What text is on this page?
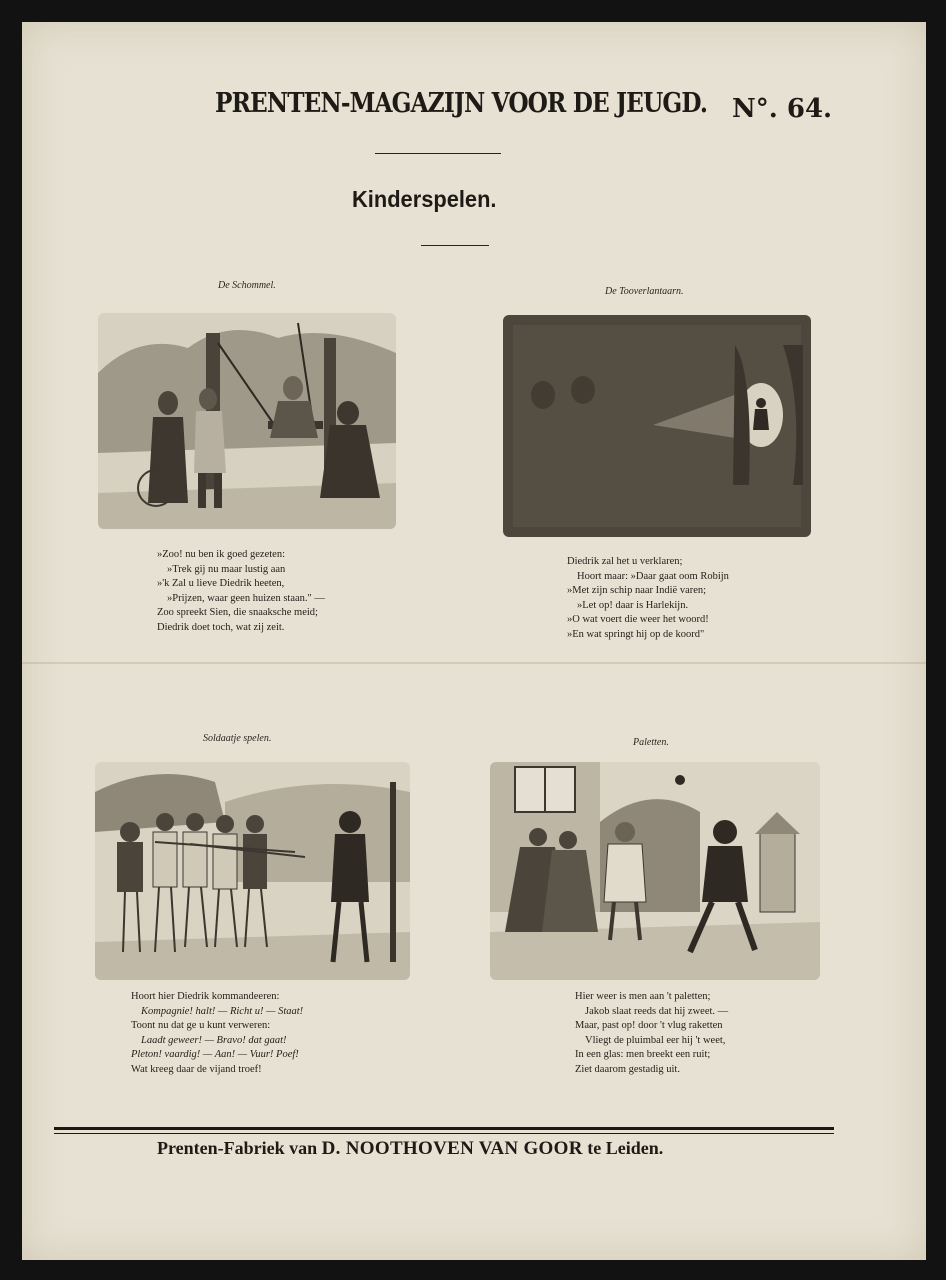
PRENTEN-MAGAZIJN VOOR DE JEUGD. N°. 64.
Kinderspelen.
De Schommel.
»Zoo! nu ben ik goed gezeten:
»Trek gij nu maar lustig aan
»'k Zal u lieve Diedrik heeten,
»Prijzen, waar geen huizen staan." —
Zoo spreekt Sien, die snaaksche meid;
Diedrik doet toch, wat zij zeit.
De Tooverlantaarn.
Diedrik zal het u verklaren;
Hoort maar: »Daar gaat oom Robijn
»Met zijn schip naar Indië varen;
»Let op! daar is Harlekijn.
»O wat voert die weer het woord!
»En wat springt hij op de koord"
Soldaatje spelen.
Hoort hier Diedrik kommandeeren:
Kompagnie! halt! — Richt u! — Staat!
Toont nu dat ge u kunt verweren:
Laadt geweer! — Bravo! dat gaat!
Pleton! vaardig! — Aan! — Vuur! Poef!
Wat kreeg daar de vijand troef!
Paletten.
Hier weer is men aan 't paletten;
Jakob slaat reeds dat hij zweet. —
Maar, past op! door 't vlug raketten
Vliegt de pluimbal eer hij 't weet,
In een glas: men breekt een ruit;
Ziet daarom gestadig uit.
Prenten-Fabriek van D. NOOTHOVEN VAN GOOR te Leiden.
